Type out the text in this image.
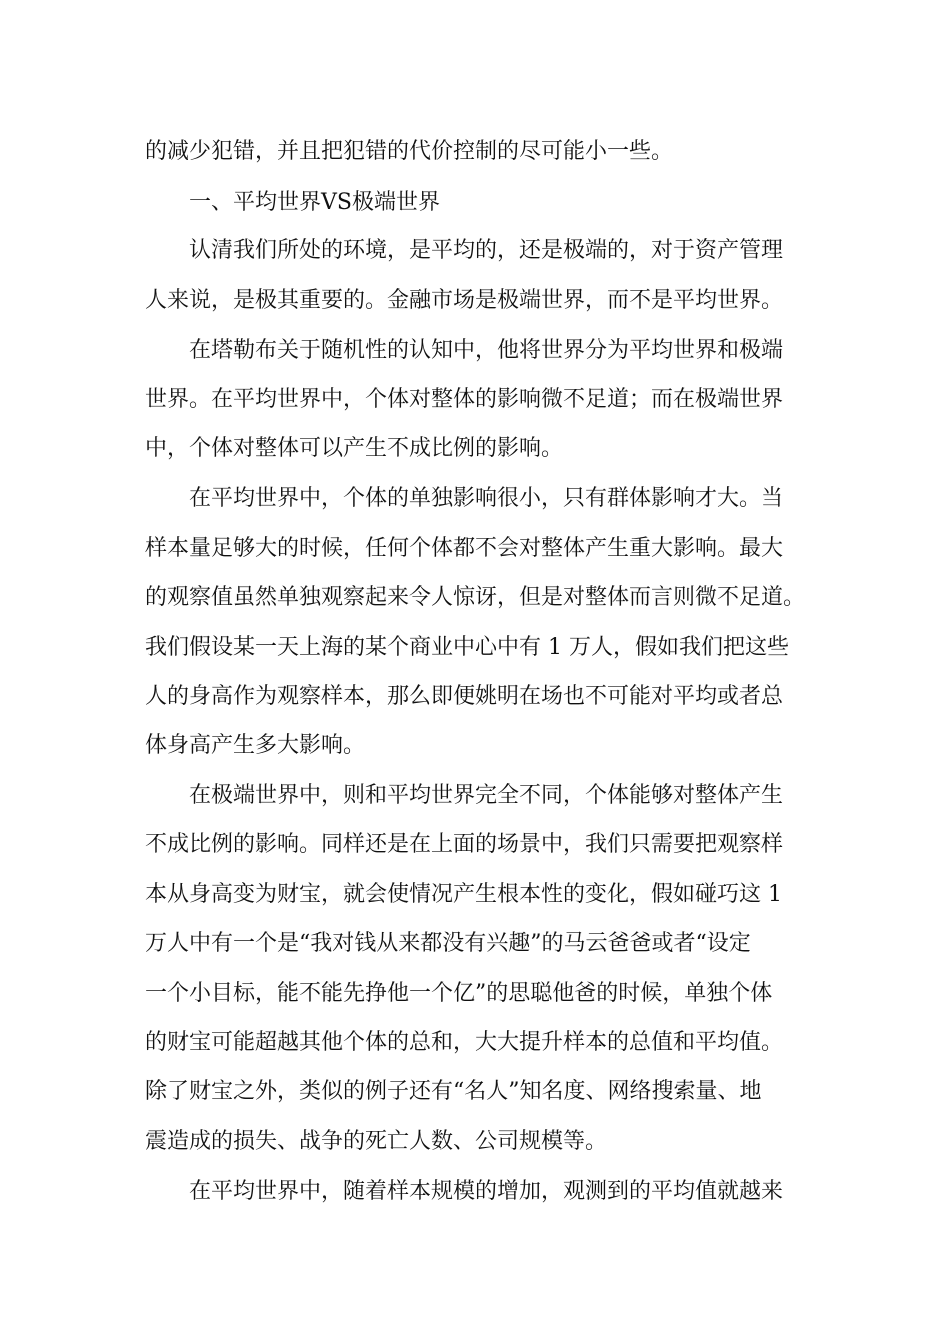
的减少犯错，并且把犯错的代价控制的尽可能小一些。
一、平均世界VS极端世界
认清我们所处的环境，是平均的，还是极端的，对于资产管理
人来说，是极其重要的。金融市场是极端世界，而不是平均世界。
在塔勒布关于随机性的认知中，他将世界分为平均世界和极端
世界。在平均世界中，个体对整体的影响微不足道；而在极端世界
中，个体对整体可以产生不成比例的影响。
在平均世界中，个体的单独影响很小，只有群体影响才大。当
样本量足够大的时候，任何个体都不会对整体产生重大影响。最大
的观察值虽然单独观察起来令人惊讶，但是对整体而言则微不足道。
我们假设某一天上海的某个商业中心中有 1 万人，假如我们把这些
人的身高作为观察样本，那么即便姚明在场也不可能对平均或者总
体身高产生多大影响。
在极端世界中，则和平均世界完全不同，个体能够对整体产生
不成比例的影响。同样还是在上面的场景中，我们只需要把观察样
本从身高变为财宝，就会使情况产生根本性的变化，假如碰巧这 1
万人中有一个是“我对钱从来都没有兴趣”的马云爸爸或者“设定
一个小目标，能不能先挣他一个亿”的思聪他爸的时候，单独个体
的财宝可能超越其他个体的总和，大大提升样本的总值和平均值。
除了财宝之外，类似的例子还有“名人”知名度、网络搜索量、地
震造成的损失、战争的死亡人数、公司规模等。
在平均世界中，随着样本规模的增加，观测到的平均值就越来
